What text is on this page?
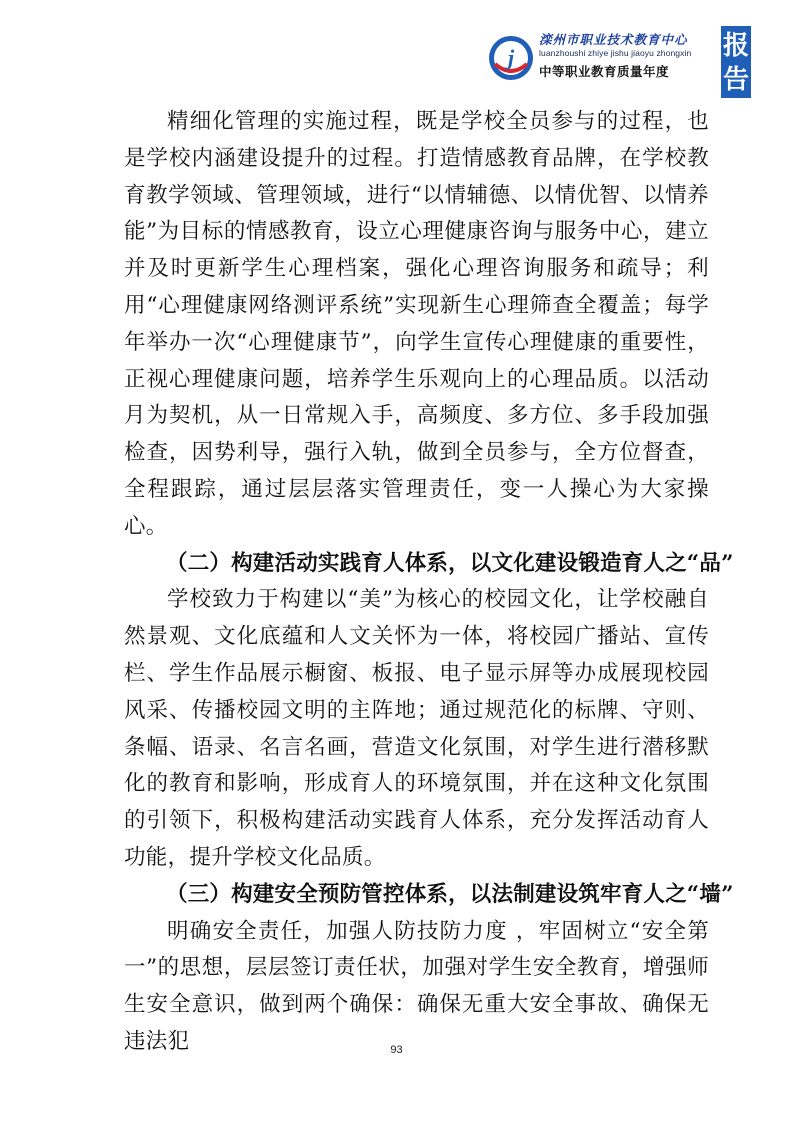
j
滦州市职业技术教育中心
luanzhoushi zhiye jishu jiaoyu zhongxin
中等职业教育质量年度
报
告

精细化管理的实施过程，既是学校全员参与的过程，也是学校内涵建设提升的过程。打造情感教育品牌，在学校教育教学领域、管理领域，进行“以情辅德、以情优智、以情养能”为目标的情感教育，设立心理健康咨询与服务中心，建立并及时更新学生心理档案，强化心理咨询服务和疏导；利用“心理健康网络测评系统”实现新生心理筛查全覆盖；每学年举办一次“心理健康节”，向学生宣传心理健康的重要性，正视心理健康问题，培养学生乐观向上的心理品质。以活动月为契机，从一日常规入手，高频度、多方位、多手段加强检查，因势利导，强行入轨，做到全员参与，全方位督查，全程跟踪，通过层层落实管理责任，变一人操心为大家操心。

（二）构建活动实践育人体系，以文化建设锻造育人之“品”

学校致力于构建以“美”为核心的校园文化，让学校融自然景观、文化底蕴和人文关怀为一体，将校园广播站、宣传栏、学生作品展示橱窗、板报、电子显示屏等办成展现校园风采、传播校园文明的主阵地；通过规范化的标牌、守则、条幅、语录、名言名画，营造文化氛围，对学生进行潜移默化的教育和影响，形成育人的环境氛围，并在这种文化氛围的引领下，积极构建活动实践育人体系，充分发挥活动育人功能，提升学校文化品质。

（三）构建安全预防管控体系，以法制建设筑牢育人之“墙”

明确安全责任，加强人防技防力度 ，牢固树立“安全第一”的思想，层层签订责任状，加强对学生安全教育，增强师生安全意识，做到两个确保：确保无重大安全事故、确保无违法犯	93
